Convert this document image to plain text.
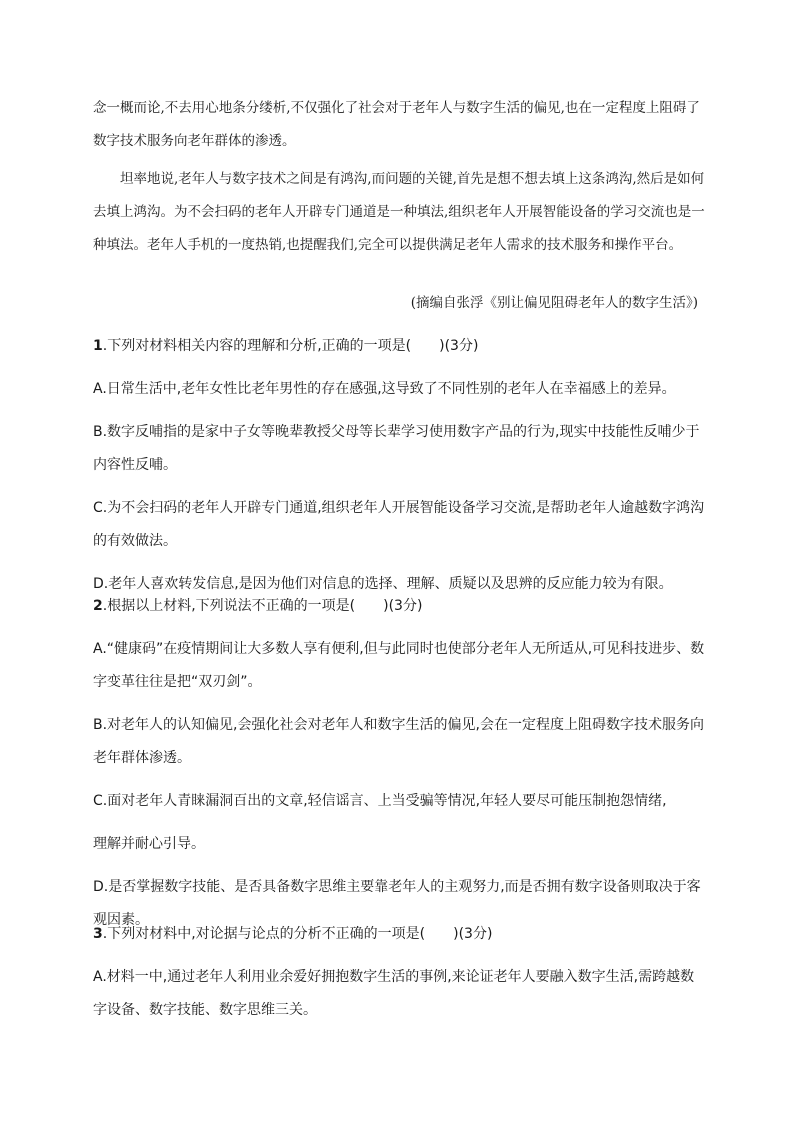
念一概而论,不去用心地条分缕析,不仅强化了社会对于老年人与数字生活的偏见,也在一定程度上阻碍了数字技术服务向老年群体的渗透。

坦率地说,老年人与数字技术之间是有鸿沟,而问题的关键,首先是想不想去填上这条鸿沟,然后是如何去填上鸿沟。为不会扫码的老年人开辟专门通道是一种填法,组织老年人开展智能设备的学习交流也是一种填法。老年人手机的一度热销,也提醒我们,完全可以提供满足老年人需求的技术服务和操作平台。

(摘编自张浮《别让偏见阻碍老年人的数字生活》)

1.下列对材料相关内容的理解和分析,正确的一项是(　　)(3分)

A.日常生活中,老年女性比老年男性的存在感强,这导致了不同性别的老年人在幸福感上的差异。

B.数字反哺指的是家中子女等晚辈教授父母等长辈学习使用数字产品的行为,现实中技能性反哺少于内容性反哺。

C.为不会扫码的老年人开辟专门通道,组织老年人开展智能设备学习交流,是帮助老年人逾越数字鸿沟的有效做法。

D.老年人喜欢转发信息,是因为他们对信息的选择、理解、质疑以及思辨的反应能力较为有限。

2.根据以上材料,下列说法不正确的一项是(　　)(3分)

A.“健康码”在疫情期间让大多数人享有便利,但与此同时也使部分老年人无所适从,可见科技进步、数字变革往往是把“双刃剑”。

B.对老年人的认知偏见,会强化社会对老年人和数字生活的偏见,会在一定程度上阻碍数字技术服务向老年群体渗透。

C.面对老年人青睐漏洞百出的文章,轻信谣言、上当受骗等情况,年轻人要尽可能压制抱怨情绪,

理解并耐心引导。

D.是否掌握数字技能、是否具备数字思维主要靠老年人的主观努力,而是否拥有数字设备则取决于客观因素。

3.下列对材料中,对论据与论点的分析不正确的一项是(　　)(3分)

A.材料一中,通过老年人利用业余爱好拥抱数字生活的事例,来论证老年人要融入数字生活,需跨越数字设备、数字技能、数字思维三关。
